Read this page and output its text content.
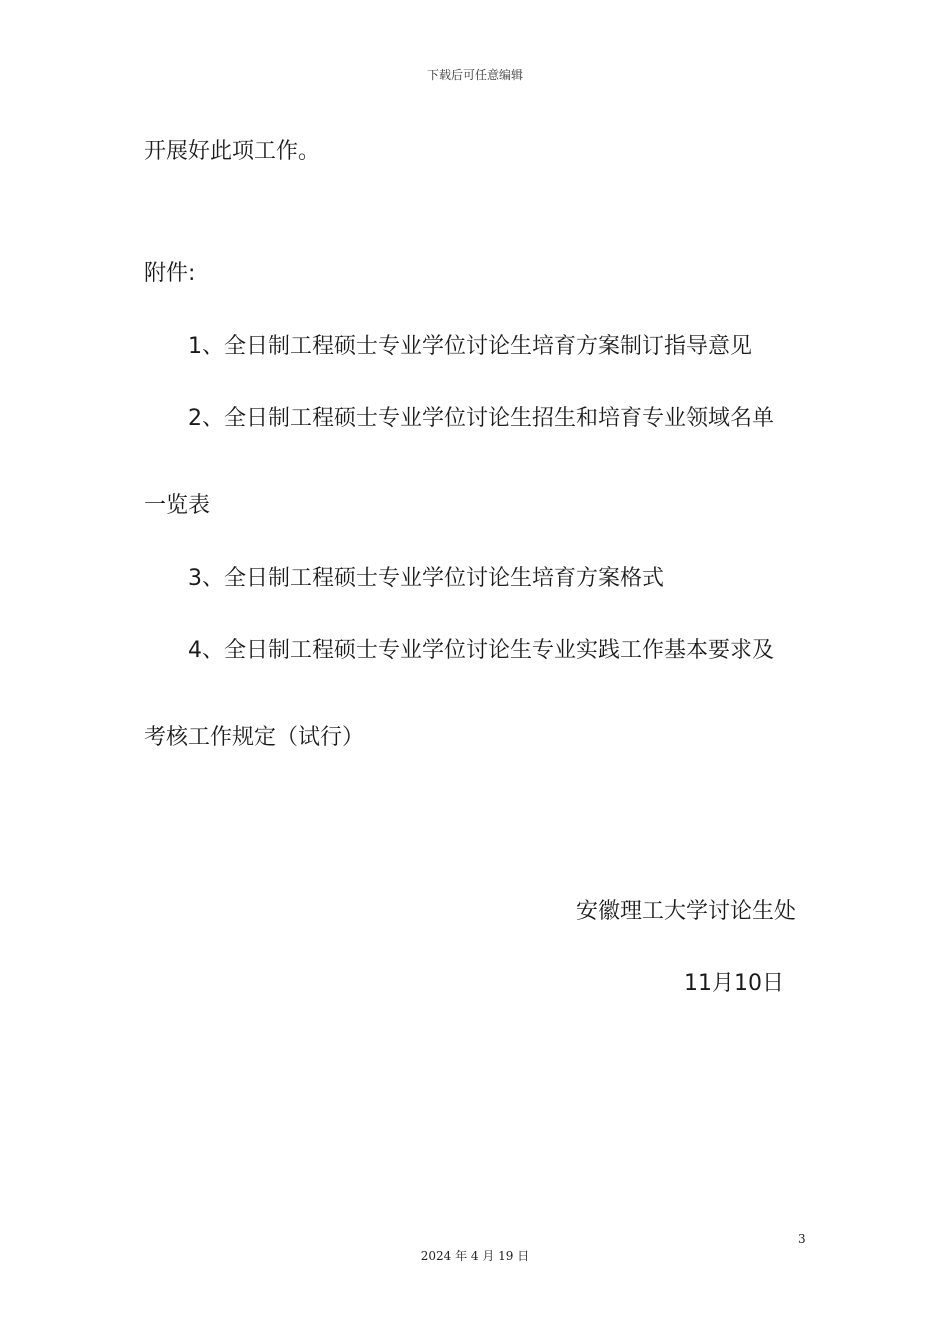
下载后可任意编辑
开展好此项工作。
附件:
1、全日制工程硕士专业学位讨论生培育方案制订指导意见
2、全日制工程硕士专业学位讨论生招生和培育专业领域名单
一览表
3、全日制工程硕士专业学位讨论生培育方案格式
4、全日制工程硕士专业学位讨论生专业实践工作基本要求及
考核工作规定（试行）
安徽理工大学讨论生处
11月10日
3
2024 年 4 月 19 日
